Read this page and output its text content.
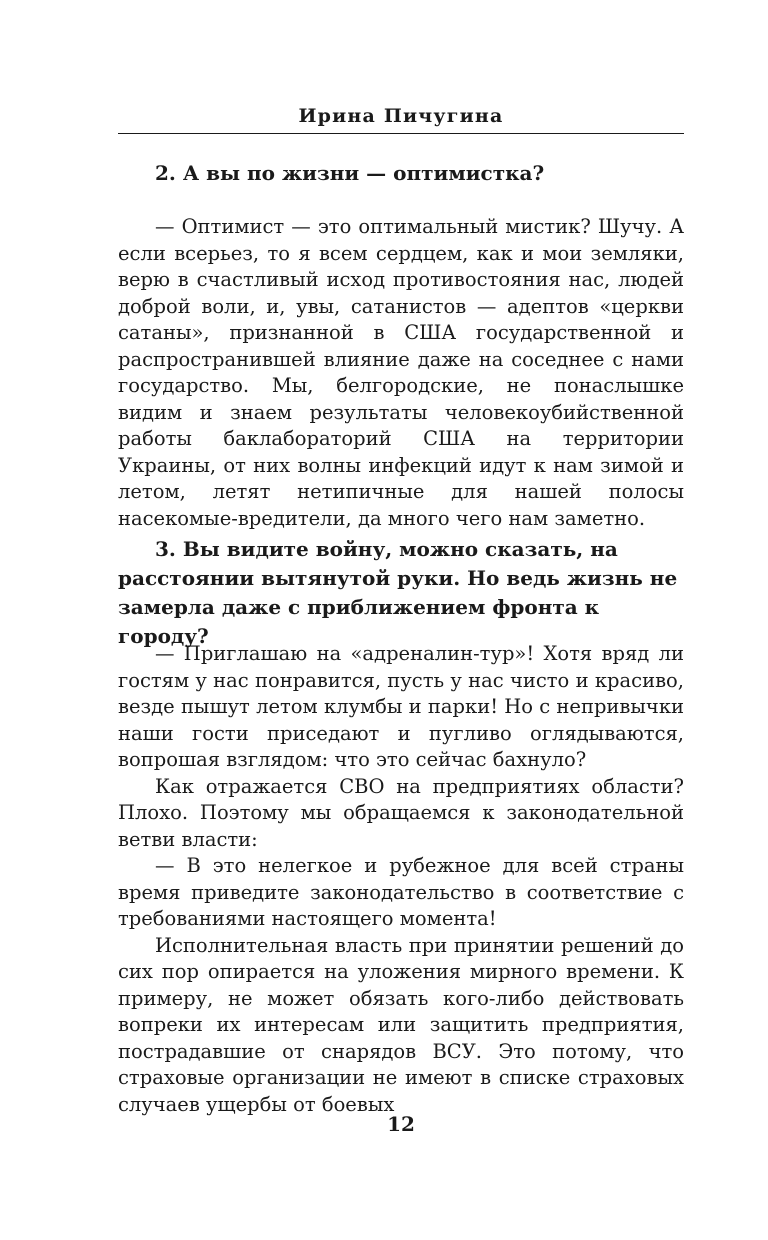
Ирина Пичугина

2. А вы по жизни — оптимистка?

— Оптимист — это оптимальный мистик? Шучу. А если всерьез, то я всем сердцем, как и мои земляки, верю в счастливый исход противостояния нас, людей доброй воли, и, увы, сатанистов — адептов «церкви сатаны», признанной в США государственной и распространившей влияние даже на соседнее с нами государство. Мы, белгородские, не понаслышке видим и знаем результаты человекоубийственной работы баклабораторий США на территории Украины, от них волны инфекций идут к нам зимой и летом, летят нетипичные для нашей полосы насекомые-вредители, да много чего нам заметно.

3. Вы видите войну, можно сказать, на расстоянии вытянутой руки. Но ведь жизнь не замерла даже с приближением фронта к городу?

— Приглашаю на «адреналин-тур»! Хотя вряд ли гостям у нас понравится, пусть у нас чисто и красиво, везде пышут летом клумбы и парки! Но с непривычки наши гости приседают и пугливо оглядываются, вопрошая взглядом: что это сейчас бахнуло?

Как отражается СВО на предприятиях области? Плохо. Поэтому мы обращаемся к законодательной ветви власти:

— В это нелегкое и рубежное для всей страны время приведите законодательство в соответствие с требованиями настоящего момента!

Исполнительная власть при принятии решений до сих пор опирается на уложения мирного времени. К примеру, не может обязать кого-либо действовать вопреки их интересам или защитить предприятия, пострадавшие от снарядов ВСУ. Это потому, что страховые организации не имеют в списке страховых случаев ущербы от боевых

12
